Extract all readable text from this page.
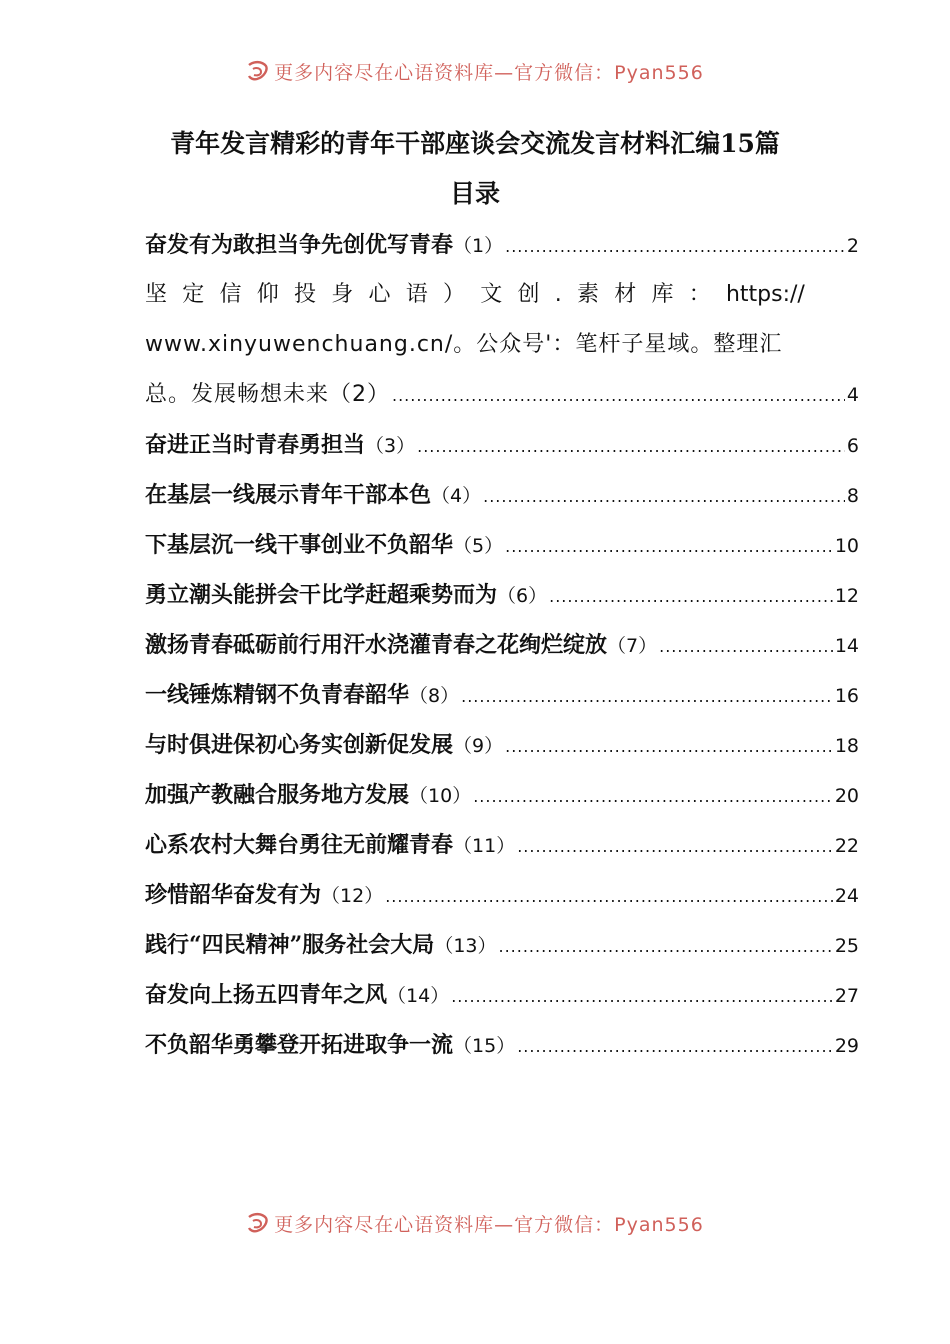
更多内容尽在心语资料库—官方微信：Pyan556
青年发言精彩的青年干部座谈会交流发言材料汇编15篇
目录
奋发有为敢担当争先创优写青春 （1） .....	2
坚 定 信 仰 投 身 心 语 ） 文 创 . 素 材 库 ： https://
www.xinyuwenchuang.cn/。公众号'：笔杆子星域。整理汇
总。发展畅想未来（2） .....	4
奋进正当时青春勇担当 （3） .....	6
在基层一线展示青年干部本色 （4） .....	8
下基层沉一线干事创业不负韶华 （5） .....	10
勇立潮头能拼会干比学赶超乘势而为 （6） .....	12
激扬青春砥砺前行用汗水浇灌青春之花绚烂绽放 （7） .....	14
一线锤炼精钢不负青春韶华 （8） .....	16
与时俱进保初心务实创新促发展 （9） .....	18
加强产教融合服务地方发展 （10） .....	20
心系农村大舞台勇往无前耀青春 （11） .....	22
珍惜韶华奋发有为 （12） .....	24
践行“四民精神”服务社会大局 （13） .....	25
奋发向上扬五四青年之风 （14） .....	27
不负韶华勇攀登开拓进取争一流 （15） .....	29
更多内容尽在心语资料库—官方微信：Pyan556
